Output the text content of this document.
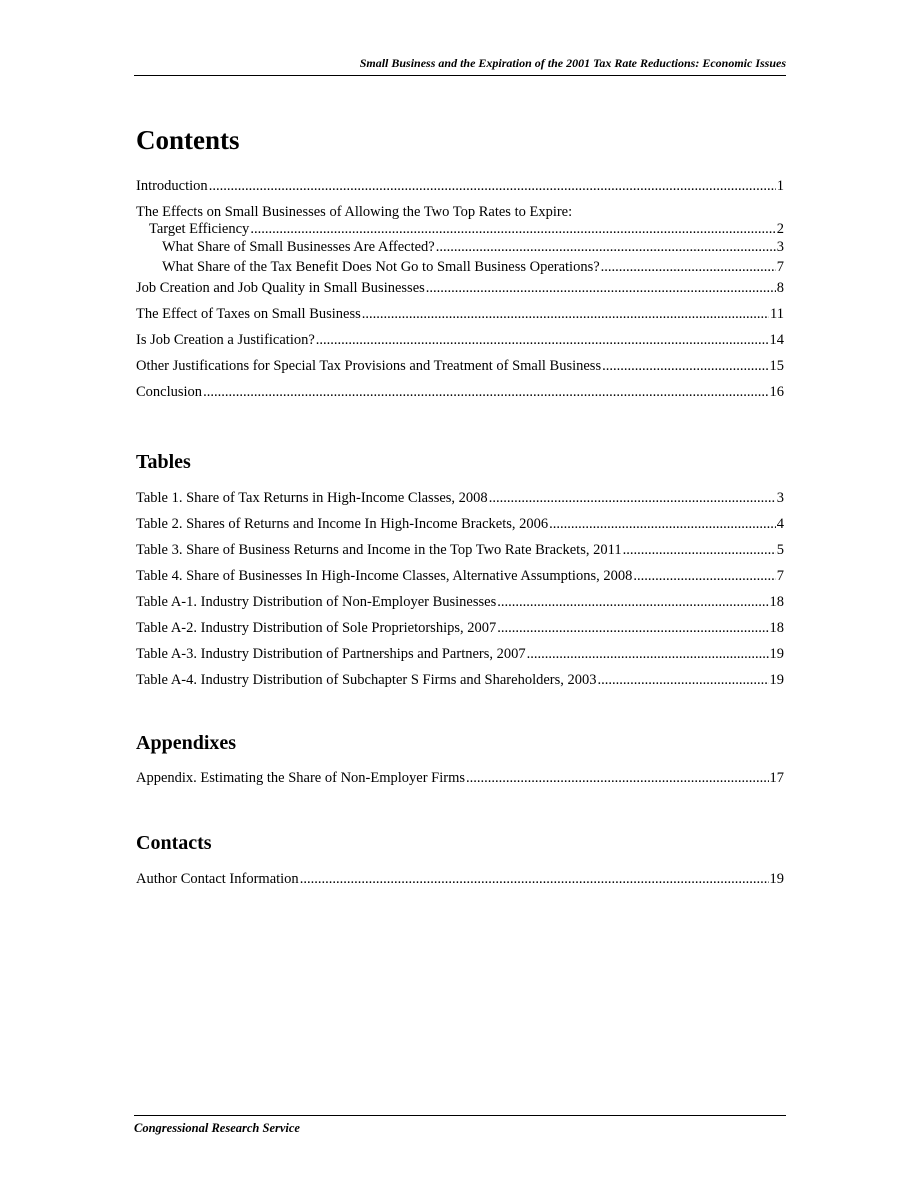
Small Business and the Expiration of the 2001 Tax Rate Reductions: Economic Issues
Contents
Introduction .....	1
The Effects on Small Businesses of Allowing the Two Top Rates to Expire:
Target Efficiency .....	2
What Share of Small Businesses Are Affected? .....	3
What Share of the Tax Benefit Does Not Go to Small Business Operations? .....	7
Job Creation and Job Quality in Small Businesses .....	8
The Effect of Taxes on Small Business .....	11
Is Job Creation a Justification? .....	14
Other Justifications for Special Tax Provisions and Treatment of Small Business .....	15
Conclusion .....	16
Tables
Table 1. Share of Tax Returns in High-Income Classes, 2008 .....	3
Table 2. Shares of Returns and Income In High-Income Brackets, 2006 .....	4
Table 3. Share of Business Returns and Income in the Top Two Rate Brackets, 2011 .....	5
Table 4. Share of Businesses In High-Income Classes, Alternative Assumptions, 2008 .....	7
Table A-1. Industry Distribution of Non-Employer Businesses .....	18
Table A-2. Industry Distribution of Sole Proprietorships, 2007 .....	18
Table A-3. Industry Distribution of Partnerships and Partners, 2007 .....	19
Table A-4. Industry Distribution of Subchapter S Firms and Shareholders, 2003 .....	19
Appendixes
Appendix. Estimating the Share of Non-Employer Firms .....	17
Contacts
Author Contact Information .....	19
Congressional Research Service
